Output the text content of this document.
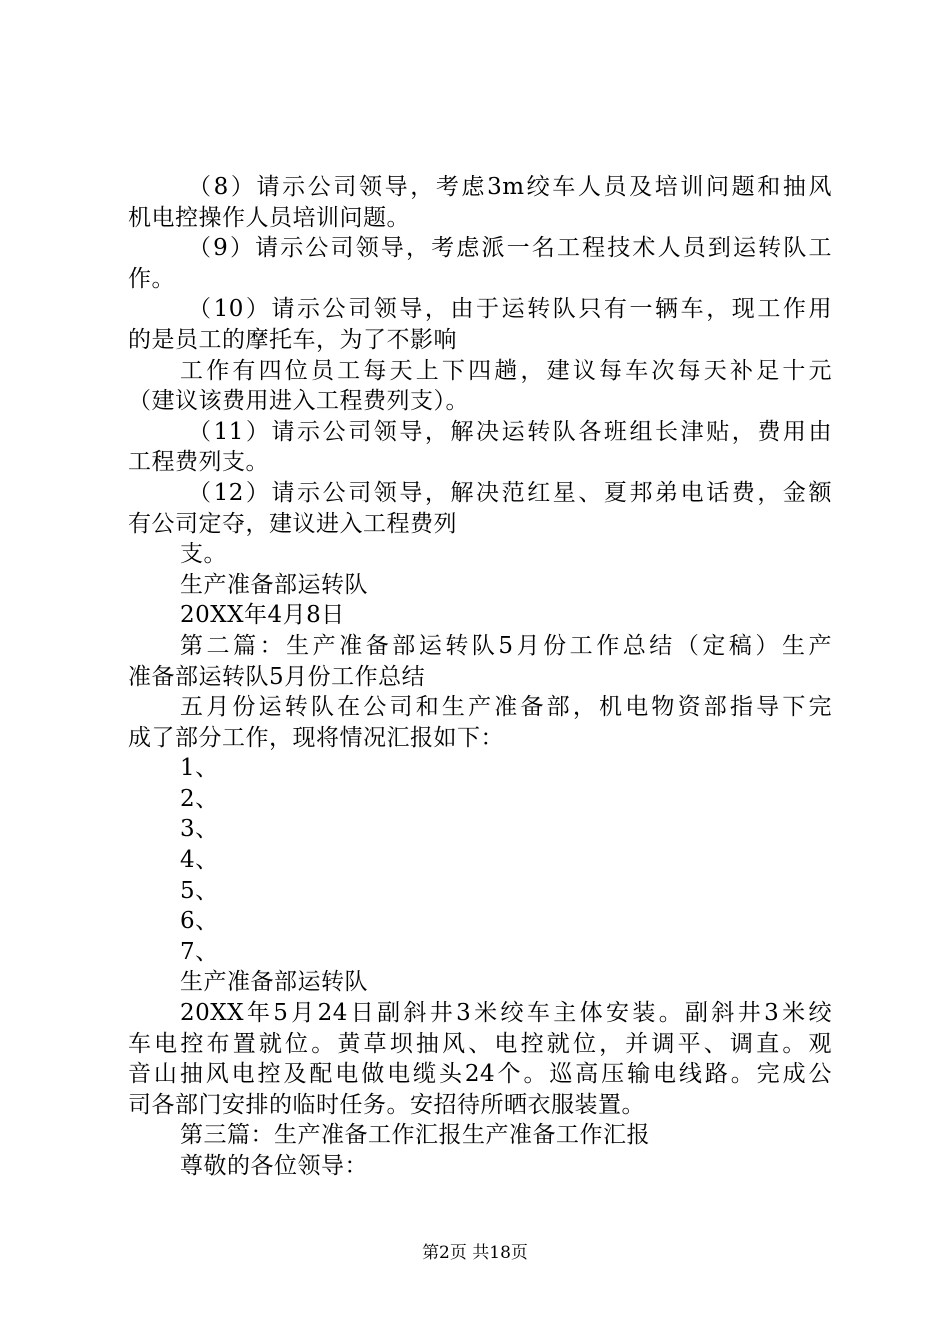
（8）请示公司领导，考虑3m绞车人员及培训问题和抽风
机电控操作人员培训问题。
（9）请示公司领导，考虑派一名工程技术人员到运转队工
作。
（10）请示公司领导，由于运转队只有一辆车，现工作用
的是员工的摩托车，为了不影响
工作有四位员工每天上下四趟，建议每车次每天补足十元
（建议该费用进入工程费列支）。
（11）请示公司领导，解决运转队各班组长津贴，费用由
工程费列支。
（12）请示公司领导，解决范红星、夏邦弟电话费，金额
有公司定夺，建议进入工程费列
支。
生产准备部运转队
20XX年4月8日
第二篇：生产准备部运转队5月份工作总结（定稿）生产
准备部运转队5月份工作总结
五月份运转队在公司和生产准备部，机电物资部指导下完
成了部分工作，现将情况汇报如下：
1、
2、
3、
4、
5、
6、
7、
生产准备部运转队
20XX年5月24日副斜井3米绞车主体安装。副斜井3米绞
车电控布置就位。黄草坝抽风、电控就位，并调平、调直。观
音山抽风电控及配电做电缆头24个。巡高压输电线路。完成公
司各部门安排的临时任务。安招待所晒衣服装置。
第三篇：生产准备工作汇报生产准备工作汇报
尊敬的各位领导：
第2页 共18页
